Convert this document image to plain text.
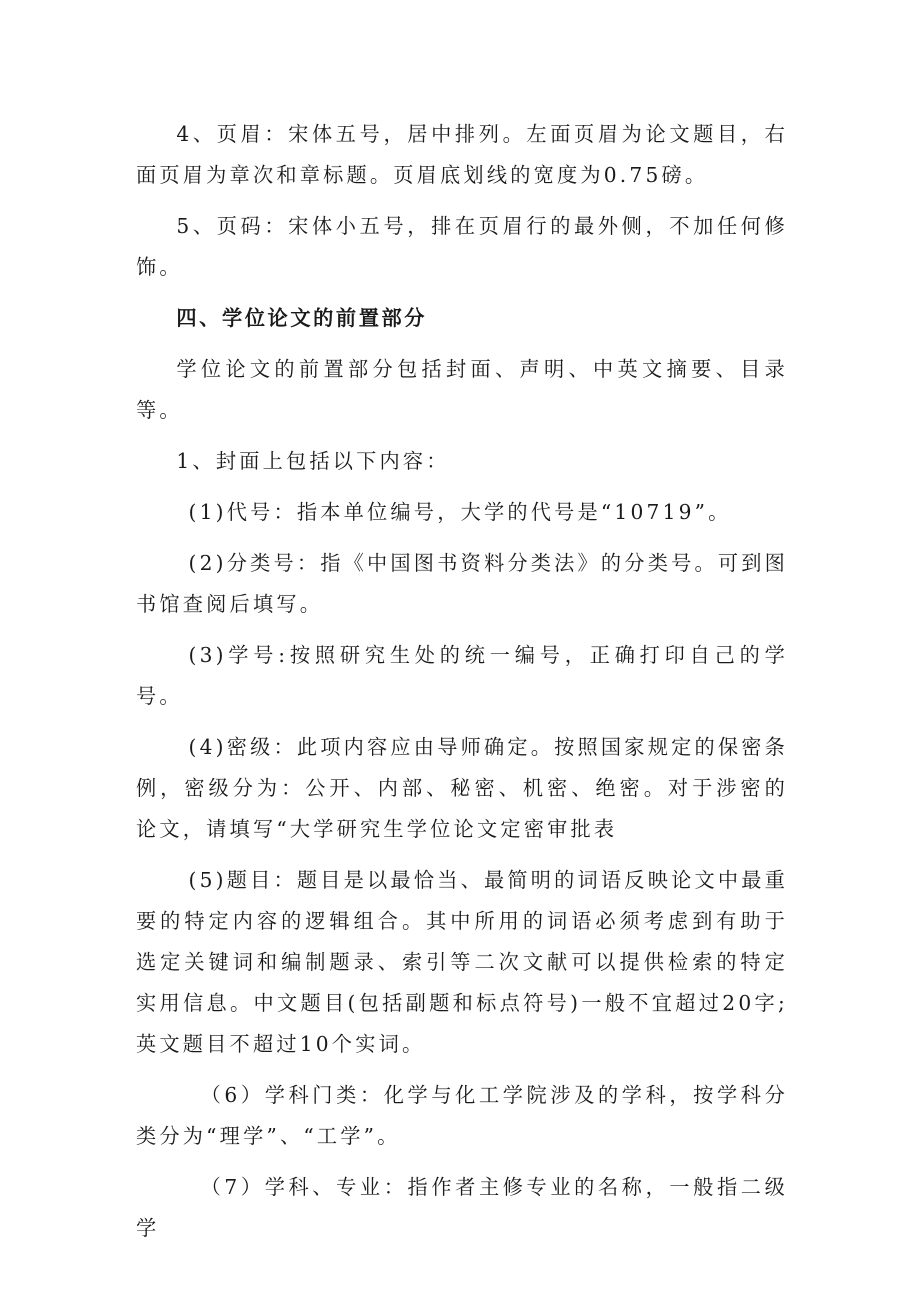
4、页眉：宋体五号，居中排列。左面页眉为论文题目，右面页眉为章次和章标题。页眉底划线的宽度为0.75磅。

5、页码：宋体小五号，排在页眉行的最外侧，不加任何修饰。

四、学位论文的前置部分

学位论文的前置部分包括封面、声明、中英文摘要、目录等。

1、封面上包括以下内容：

(1)代号：指本单位编号，大学的代号是“10719”。

(2)分类号：指《中国图书资料分类法》的分类号。可到图书馆查阅后填写。

(3)学号:按照研究生处的统一编号，正确打印自己的学号。

(4)密级：此项内容应由导师确定。按照国家规定的保密条例，密级分为：公开、内部、秘密、机密、绝密。对于涉密的论文，请填写“大学研究生学位论文定密审批表

(5)题目：题目是以最恰当、最简明的词语反映论文中最重要的特定内容的逻辑组合。其中所用的词语必须考虑到有助于选定关键词和编制题录、索引等二次文献可以提供检索的特定实用信息。中文题目(包括副题和标点符号)一般不宜超过20字;英文题目不超过10个实词。

（6）学科门类：化学与化工学院涉及的学科，按学科分类分为“理学”、“工学”。

（7）学科、专业：指作者主修专业的名称，一般指二级学
